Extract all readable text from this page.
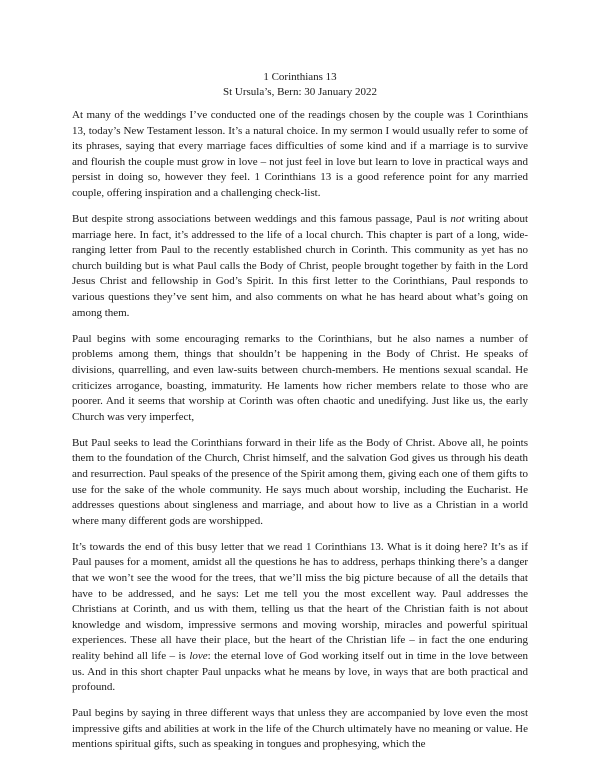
1 Corinthians 13
St Ursula’s, Bern: 30 January 2022

At many of the weddings I’ve conducted one of the readings chosen by the couple was 1 Corinthians 13, today’s New Testament lesson. It’s a natural choice. In my sermon I would usually refer to some of its phrases, saying that every marriage faces difficulties of some kind and if a marriage is to survive and flourish the couple must grow in love – not just feel in love but learn to love in practical ways and persist in doing so, however they feel. 1 Corinthians 13 is a good reference point for any married couple, offering inspiration and a challenging check-list.

But despite strong associations between weddings and this famous passage, Paul is not writing about marriage here. In fact, it’s addressed to the life of a local church. This chapter is part of a long, wide-ranging letter from Paul to the recently established church in Corinth. This community as yet has no church building but is what Paul calls the Body of Christ, people brought together by faith in the Lord Jesus Christ and fellowship in God’s Spirit. In this first letter to the Corinthians, Paul responds to various questions they’ve sent him, and also comments on what he has heard about what’s going on among them.

Paul begins with some encouraging remarks to the Corinthians, but he also names a number of problems among them, things that shouldn’t be happening in the Body of Christ. He speaks of divisions, quarrelling, and even law-suits between church-members. He mentions sexual scandal. He criticizes arrogance, boasting, immaturity. He laments how richer members relate to those who are poorer. And it seems that worship at Corinth was often chaotic and unedifying. Just like us, the early Church was very imperfect,

But Paul seeks to lead the Corinthians forward in their life as the Body of Christ. Above all, he points them to the foundation of the Church, Christ himself, and the salvation God gives us through his death and resurrection. Paul speaks of the presence of the Spirit among them, giving each one of them gifts to use for the sake of the whole community. He says much about worship, including the Eucharist. He addresses questions about singleness and marriage, and about how to live as a Christian in a world where many different gods are worshipped.

It’s towards the end of this busy letter that we read 1 Corinthians 13. What is it doing here? It’s as if Paul pauses for a moment, amidst all the questions he has to address, perhaps thinking there’s a danger that we won’t see the wood for the trees, that we’ll miss the big picture because of all the details that have to be addressed, and he says: Let me tell you the most excellent way. Paul addresses the Christians at Corinth, and us with them, telling us that the heart of the Christian faith is not about knowledge and wisdom, impressive sermons and moving worship, miracles and powerful spiritual experiences. These all have their place, but the heart of the Christian life – in fact the one enduring reality behind all life – is love: the eternal love of God working itself out in time in the love between us. And in this short chapter Paul unpacks what he means by love, in ways that are both practical and profound.

Paul begins by saying in three different ways that unless they are accompanied by love even the most impressive gifts and abilities at work in the life of the Church ultimately have no meaning or value. He mentions spiritual gifts, such as speaking in tongues and prophesying, which the
